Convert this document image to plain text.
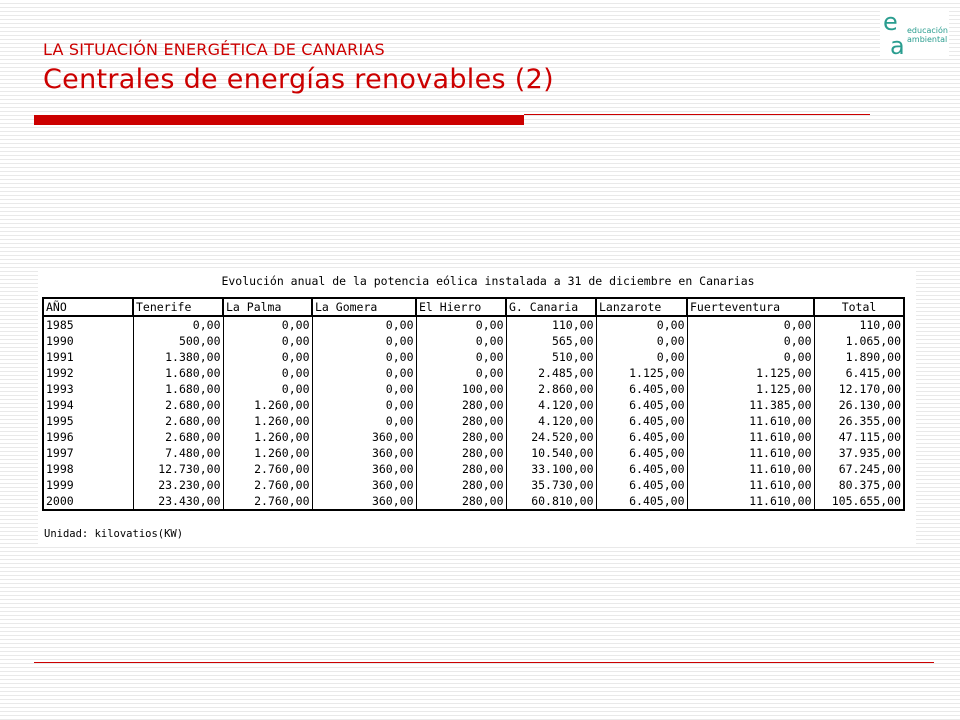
LA SITUACIÓN ENERGÉTICA DE CANARIAS
Centrales de energías renovables (2)
e
a
educación
ambiental
Evolución anual de la potencia eólica instalada a 31 de diciembre en Canarias
AÑO	Tenerife	La Palma	La Gomera	El Hierro	G. Canaria	Lanzarote	Fuerteventura	Total
1985	0,00	0,00	0,00	0,00	110,00	0,00	0,00	110,00
1990	500,00	0,00	0,00	0,00	565,00	0,00	0,00	1.065,00
1991	1.380,00	0,00	0,00	0,00	510,00	0,00	0,00	1.890,00
1992	1.680,00	0,00	0,00	0,00	2.485,00	1.125,00	1.125,00	6.415,00
1993	1.680,00	0,00	0,00	100,00	2.860,00	6.405,00	1.125,00	12.170,00
1994	2.680,00	1.260,00	0,00	280,00	4.120,00	6.405,00	11.385,00	26.130,00
1995	2.680,00	1.260,00	0,00	280,00	4.120,00	6.405,00	11.610,00	26.355,00
1996	2.680,00	1.260,00	360,00	280,00	24.520,00	6.405,00	11.610,00	47.115,00
1997	7.480,00	1.260,00	360,00	280,00	10.540,00	6.405,00	11.610,00	37.935,00
1998	12.730,00	2.760,00	360,00	280,00	33.100,00	6.405,00	11.610,00	67.245,00
1999	23.230,00	2.760,00	360,00	280,00	35.730,00	6.405,00	11.610,00	80.375,00
2000	23.430,00	2.760,00	360,00	280,00	60.810,00	6.405,00	11.610,00	105.655,00
Unidad: kilovatios(KW)
